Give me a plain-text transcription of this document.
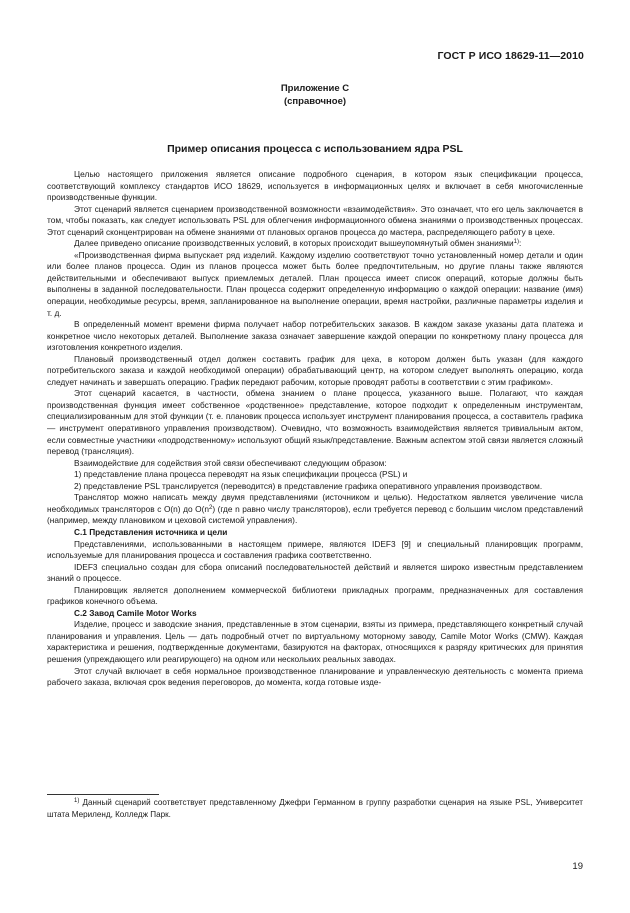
ГОСТ Р ИСО 18629-11—2010
Приложение С
(справочное)
Пример описания процесса с использованием ядра PSL

Целью настоящего приложения является описание подробного сценария, в котором язык спецификации процесса, соответствующий комплексу стандартов ИСО 18629, используется в информационных целях и включает в себя многочисленные производственные функции.

Этот сценарий является сценарием производственной возможности «взаимодействия». Это означает, что его цель заключается в том, чтобы показать, как следует использовать PSL для облегчения информационного обмена знаниями о производственных процессах. Этот сценарий сконцентрирован на обмене знаниями от плановых органов процесса до мастера, распределяющего работу в цехе.

Далее приведено описание производственных условий, в которых происходит вышеупомянутый обмен знаниями$^{1)}$:

«Производственная фирма выпускает ряд изделий. Каждому изделию соответствуют точно установленный номер детали и один или более планов процесса. Один из планов процесса может быть более предпочтительным, но другие планы также являются действительными и обеспечивают выпуск приемлемых деталей. План процесса имеет список операций, которые должны быть выполнены в заданной последовательности. План процесса содержит определенную информацию о каждой операции: название (имя) операции, необходимые ресурсы, время, запланированное на выполнение операции, время настройки, различные параметры изделия и т. д.

В определенный момент времени фирма получает набор потребительских заказов. В каждом заказе указаны дата платежа и конкретное число некоторых деталей. Выполнение заказа означает завершение каждой операции по конкретному плану процесса для изготовления конкретного изделия.

Плановый производственный отдел должен составить график для цеха, в котором должен быть указан (для каждого потребительского заказа и каждой необходимой операции) обрабатывающий центр, на котором следует выполнять операцию, когда следует начинать и завершать операцию. График передают рабочим, которые проводят работы в соответствии с этим графиком».

Этот сценарий касается, в частности, обмена знанием о плане процесса, указанного выше. Полагают, что каждая производственная функция имеет собственное «родственное» представление, которое подходит к определенным инструментам, специализированным для этой функции (т. е. плановик процесса использует инструмент планирования процесса, а составитель графика — инструмент оперативного управления производством). Очевидно, что возможность взаимодействия является тривиальным актом, если совместные участники «подродственному» используют общий язык/представление. Важным аспектом этой связи является сложный перевод (трансляция).

Взаимодействие для содействия этой связи обеспечивают следующим образом:

1) представление плана процесса переводят на язык спецификации процесса (PSL) и

2) представление PSL транслируется (переводится) в представление графика оперативного управления производством.

Транслятор можно написать между двумя представлениями (источником и целью). Недостатком является увеличение числа необходимых трансляторов с O(n) до $O(n^2)$ (где n равно числу трансляторов), если требуется перевод с большим числом представлений (например, между плановиком и цеховой системой управления).

С.1 Представления источника и цели

Представлениями, использованными в настоящем примере, являются IDEF3 [9] и специальный планировщик программ, используемые для планирования процесса и составления графика соответственно.

IDEF3 специально создан для сбора описаний последовательностей действий и является широко известным представлением знаний о процессе.

Планировщик является дополнением коммерческой библиотеки прикладных программ, предназначенных для составления графиков конечного объема.

С.2 Завод Camile Motor Works

Изделие, процесс и заводские знания, представленные в этом сценарии, взяты из примера, представляющего конкретный случай планирования и управления. Цель — дать подробный отчет по виртуальному моторному заводу, Camile Motor Works (CMW). Каждая характеристика и решения, подтвержденные документами, базируются на факторах, относящихся к разряду критических для принятия решения (упреждающего или реагирующего) на одном или нескольких реальных заводах.

Этот случай включает в себя нормальное производственное планирование и управленческую деятельность с момента приема рабочего заказа, включая срок ведения переговоров, до момента, когда готовые изде-

$^{1)}$ Данный сценарий соответствует представленному Джефри Германном в группу разработки сценария на языке PSL, Университет штата Мериленд, Колледж Парк.
19
